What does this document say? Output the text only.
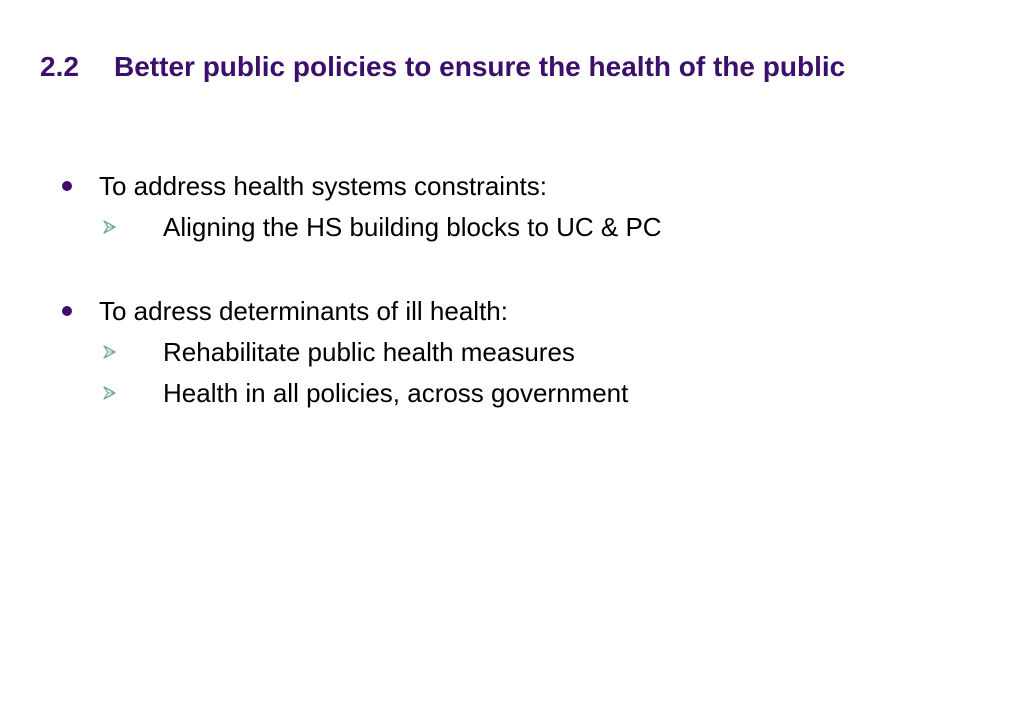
2.2 Better public policies to ensure the health of the public
To address health systems constraints:
Aligning the HS building blocks to UC & PC
To adress determinants of ill health:
Rehabilitate public health measures
Health in all policies, across government
